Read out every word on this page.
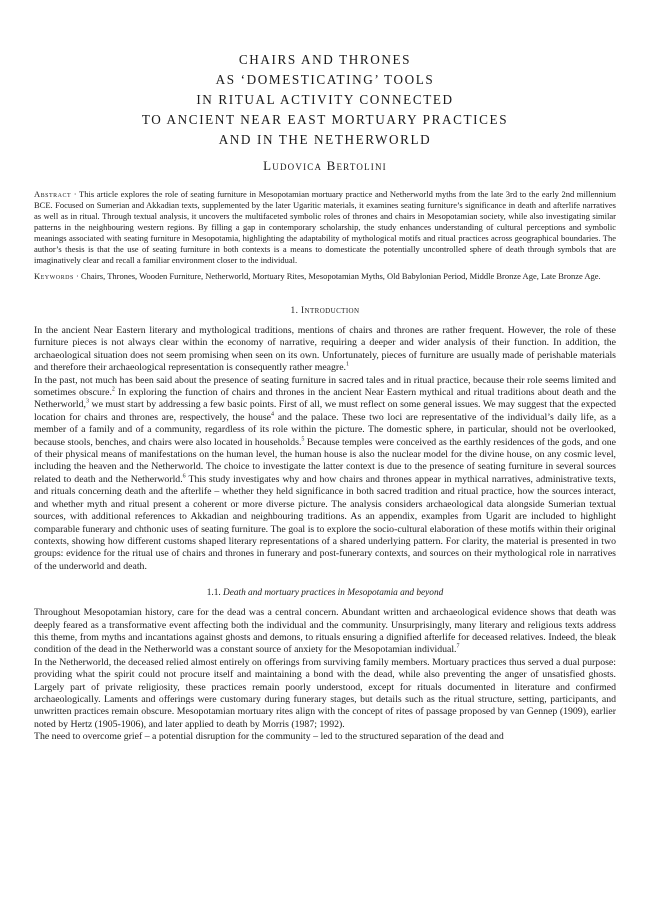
CHAIRS AND THRONES
AS ‘DOMESTICATING’ TOOLS
IN RITUAL ACTIVITY CONNECTED
TO ANCIENT NEAR EAST MORTUARY PRACTICES
AND IN THE NETHERWORLD
Ludovica Bertolini

Abstract · This article explores the role of seating furniture in Mesopotamian mortuary practice and Netherworld myths from the late 3rd to the early 2nd millennium BCE. Focused on Sumerian and Akkadian texts, supplemented by the later Ugaritic materials, it examines seating furniture’s significance in death and afterlife narratives as well as in ritual. Through textual analysis, it uncovers the multifaceted symbolic roles of thrones and chairs in Mesopotamian society, while also investigating similar patterns in the neighbouring western regions. By filling a gap in contemporary scholarship, the study enhances understanding of cultural perceptions and symbolic meanings associated with seating furniture in Mesopotamia, highlighting the adaptability of mythological motifs and ritual practices across geographical boundaries. The author’s thesis is that the use of seating furniture in both contexts is a means to domesticate the potentially uncontrolled sphere of death through symbols that are imaginatively clear and recall a familiar environment closer to the individual.

Keywords · Chairs, Thrones, Wooden Furniture, Netherworld, Mortuary Rites, Mesopotamian Myths, Old Babylonian Period, Middle Bronze Age, Late Bronze Age.

1. Introduction

In the ancient Near Eastern literary and mythological traditions, mentions of chairs and thrones are rather frequent. However, the role of these furniture pieces is not always clear within the economy of narrative, requiring a deeper and wider analysis of their function. In addition, the archaeological situation does not seem promising when seen on its own. Unfortunately, pieces of furniture are usually made of perishable materials and therefore their archaeological representation is consequently rather meagre.$^1$

In the past, not much has been said about the presence of seating furniture in sacred tales and in ritual practice, because their role seems limited and sometimes obscure.$^2$ In exploring the function of chairs and thrones in the ancient Near Eastern mythical and ritual traditions about death and the Netherworld,$^3$ we must start by addressing a few basic points. First of all, we must reflect on some general issues. We may suggest that the expected location for chairs and thrones are, respectively, the house$^4$ and the palace. These two loci are representative of the individual’s daily life, as a member of a family and of a community, regardless of its role within the picture. The domestic sphere, in particular, should not be overlooked, because stools, benches, and chairs were also located in households.$^5$ Because temples were conceived as the earthly residences of the gods, and one of their physical means of manifestations on the human level, the human house is also the nuclear model for the divine house, on any cosmic level, including the heaven and the Netherworld. The choice to investigate the latter context is due to the presence of seating furniture in several sources related to death and the Netherworld.$^6$ This study investigates why and how chairs and thrones appear in mythical narratives, administrative texts, and rituals concerning death and the afterlife – whether they held significance in both sacred tradition and ritual practice, how the sources interact, and whether myth and ritual present a coherent or more diverse picture. The analysis considers archaeological data alongside Sumerian textual sources, with additional references to Akkadian and neighbouring traditions. As an appendix, examples from Ugarit are included to highlight comparable funerary and chthonic uses of seating furniture. The goal is to explore the socio-cultural elaboration of these motifs within their original contexts, showing how different customs shaped literary representations of a shared underlying pattern. For clarity, the material is presented in two groups: evidence for the ritual use of chairs and thrones in funerary and post-funerary contexts, and sources on their mythological role in narratives of the underworld and death.

1.1. Death and mortuary practices in Mesopotamia and beyond

Throughout Mesopotamian history, care for the dead was a central concern. Abundant written and archaeological evidence shows that death was deeply feared as a transformative event affecting both the individual and the community. Unsurprisingly, many literary and religious texts address this theme, from myths and incantations against ghosts and demons, to rituals ensuring a dignified afterlife for deceased relatives. Indeed, the bleak condition of the dead in the Netherworld was a constant source of anxiety for the Mesopotamian individual.$^7$

In the Netherworld, the deceased relied almost entirely on offerings from surviving family members. Mortuary practices thus served a dual purpose: providing what the spirit could not procure itself and maintaining a bond with the dead, while also preventing the anger of unsatisfied ghosts. Largely part of private religiosity, these practices remain poorly understood, except for rituals documented in literature and confirmed archaeologically. Laments and offerings were customary during funerary stages, but details such as the ritual structure, setting, participants, and unwritten practices remain obscure. Mesopotamian mortuary rites align with the concept of rites of passage proposed by van Gennep (1909), earlier noted by Hertz (1905-1906), and later applied to death by Morris (1987; 1992).

The need to overcome grief – a potential disruption for the community – led to the structured separation of the dead and
